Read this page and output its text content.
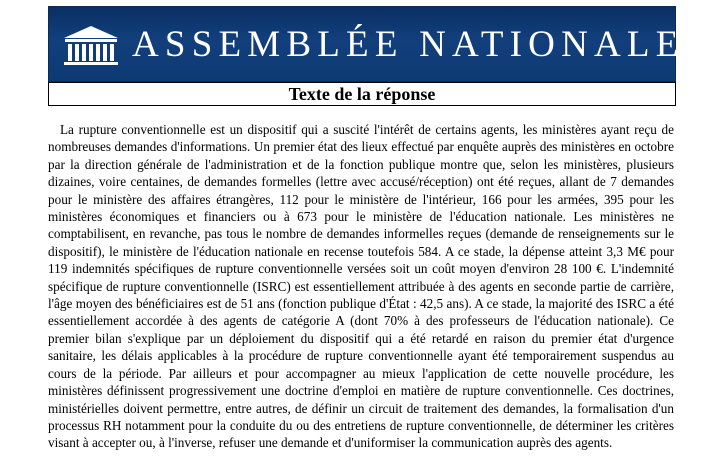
ASSEMBLÉE NATIONALE
Texte de la réponse

La rupture conventionnelle est un dispositif qui a suscité l'intérêt de certains agents, les ministères ayant reçu de nombreuses demandes d'informations. Un premier état des lieux effectué par enquête auprès des ministères en octobre par la direction générale de l'administration et de la fonction publique montre que, selon les ministères, plusieurs dizaines, voire centaines, de demandes formelles (lettre avec accusé/réception) ont été reçues, allant de 7 demandes pour le ministère des affaires étrangères, 112 pour le ministère de l'intérieur, 166 pour les armées, 395 pour les ministères économiques et financiers ou à 673 pour le ministère de l'éducation nationale. Les ministères ne comptabilisent, en revanche, pas tous le nombre de demandes informelles reçues (demande de renseignements sur le dispositif), le ministère de l'éducation nationale en recense toutefois 584. A ce stade, la dépense atteint 3,3 M€ pour 119 indemnités spécifiques de rupture conventionnelle versées soit un coût moyen d'environ 28 100 €. L'indemnité spécifique de rupture conventionnelle (ISRC) est essentiellement attribuée à des agents en seconde partie de carrière, l'âge moyen des bénéficiaires est de 51 ans (fonction publique d'État : 42,5 ans). A ce stade, la majorité des ISRC a été essentiellement accordée à des agents de catégorie A (dont 70% à des professeurs de l'éducation nationale). Ce premier bilan s'explique par un déploiement du dispositif qui a été retardé en raison du premier état d'urgence sanitaire, les délais applicables à la procédure de rupture conventionnelle ayant été temporairement suspendus au cours de la période. Par ailleurs et pour accompagner au mieux l'application de cette nouvelle procédure, les ministères définissent progressivement une doctrine d'emploi en matière de rupture conventionnelle. Ces doctrines, ministérielles doivent permettre, entre autres, de définir un circuit de traitement des demandes, la formalisation d'un processus RH notamment pour la conduite du ou des entretiens de rupture conventionnelle, de déterminer les critères visant à accepter ou, à l'inverse, refuser une demande et d'uniformiser la communication auprès des agents.
